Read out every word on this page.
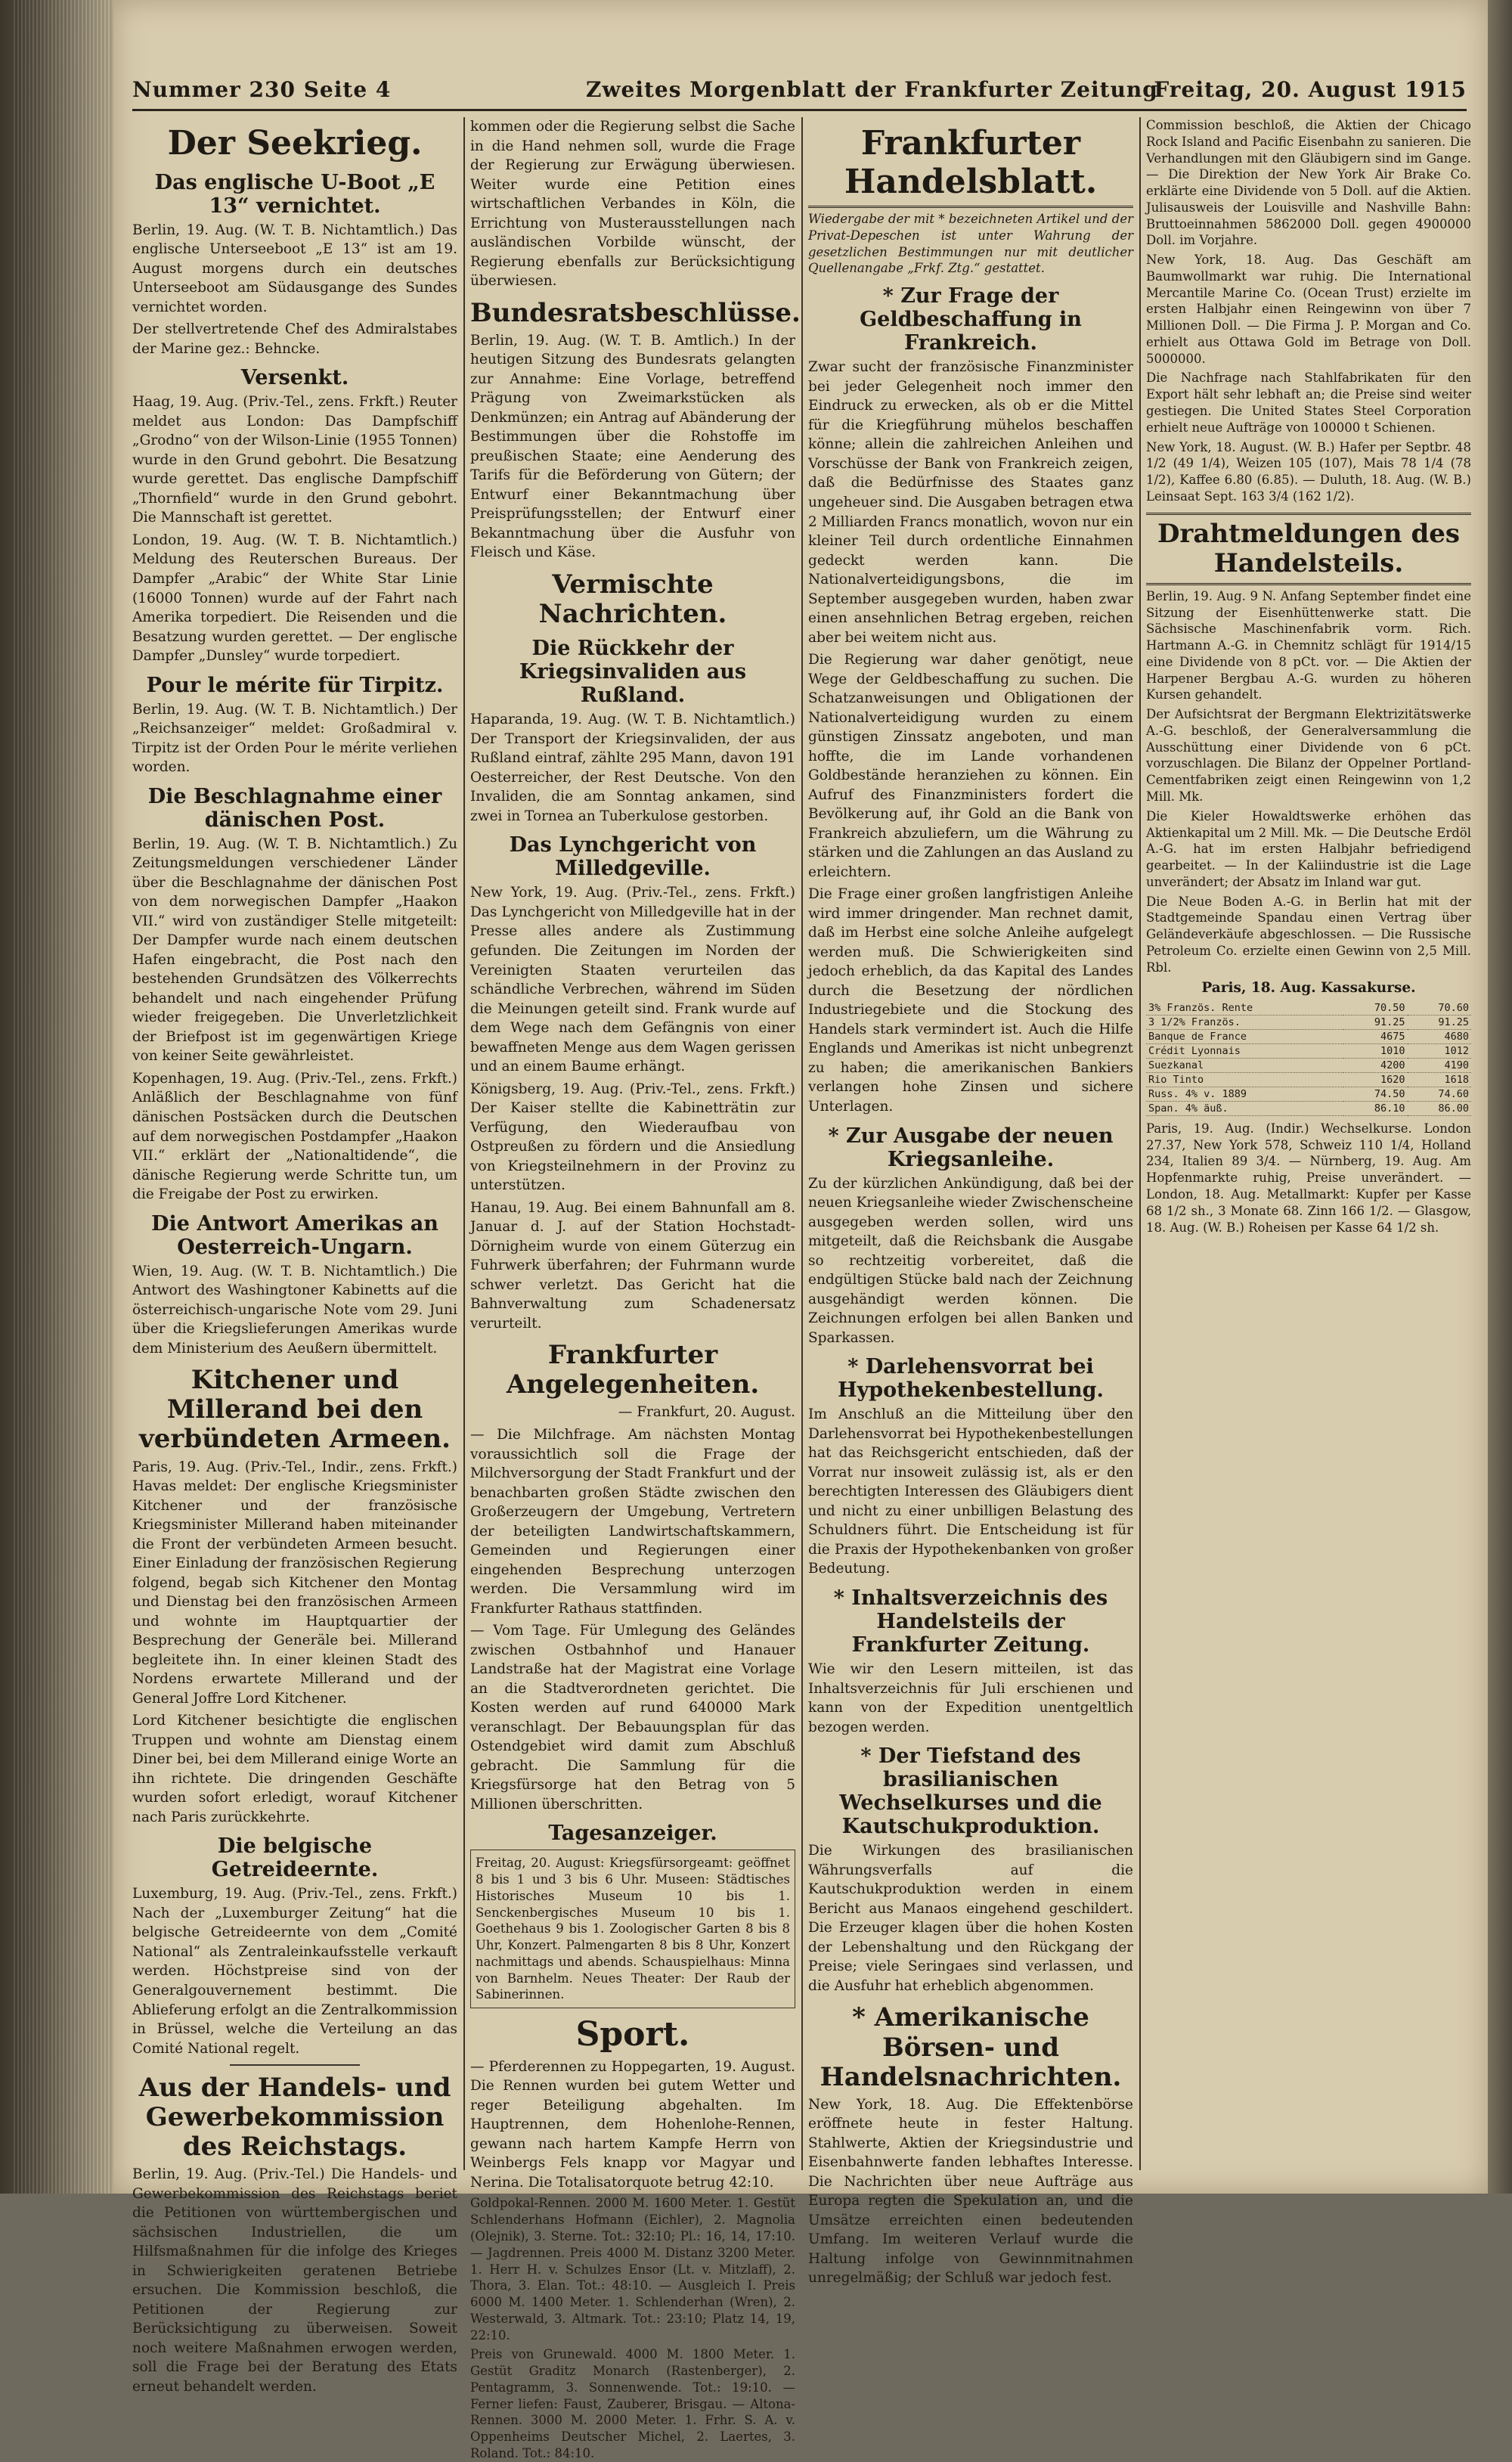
Nummer 230 Seite 4	Zweites Morgenblatt der Frankfurter Zeitung
Freitag, 20. August 1915
Der Seekrieg.
Das englische U-Boot „E 13“ vernichtet.

Berlin, 19. Aug. (W. T. B. Nichtamtlich.) Das englische Unterseeboot „E 13“ ist am 19. August morgens durch ein deutsches Unterseeboot am Südausgange des Sundes vernichtet worden.

Der stellvertretende Chef des Admiralstabes der Marine gez.: Behncke.

Versenkt.

Haag, 19. Aug. (Priv.-Tel., zens. Frkft.) Reuter meldet aus London: Das Dampfschiff „Grodno“ von der Wilson-Linie (1955 Tonnen) wurde in den Grund gebohrt. Die Besatzung wurde gerettet. Das englische Dampfschiff „Thornfield“ wurde in den Grund gebohrt. Die Mannschaft ist gerettet.

London, 19. Aug. (W. T. B. Nichtamtlich.) Meldung des Reuterschen Bureaus. Der Dampfer „Arabic“ der White Star Linie (16000 Tonnen) wurde auf der Fahrt nach Amerika torpediert. Die Reisenden und die Besatzung wurden gerettet. — Der englische Dampfer „Dunsley“ wurde torpediert.

Pour le mérite für Tirpitz.

Berlin, 19. Aug. (W. T. B. Nichtamtlich.) Der „Reichsanzeiger“ meldet: Großadmiral v. Tirpitz ist der Orden Pour le mérite verliehen worden.

Die Beschlagnahme einer dänischen Post.

Berlin, 19. Aug. (W. T. B. Nichtamtlich.) Zu Zeitungsmeldungen verschiedener Länder über die Beschlagnahme der dänischen Post von dem norwegischen Dampfer „Haakon VII.“ wird von zuständiger Stelle mitgeteilt: Der Dampfer wurde nach einem deutschen Hafen eingebracht, die Post nach den bestehenden Grundsätzen des Völkerrechts behandelt und nach eingehender Prüfung wieder freigegeben. Die Unverletzlichkeit der Briefpost ist im gegenwärtigen Kriege von keiner Seite gewährleistet.

Kopenhagen, 19. Aug. (Priv.-Tel., zens. Frkft.) Anläßlich der Beschlagnahme von fünf dänischen Postsäcken durch die Deutschen auf dem norwegischen Postdampfer „Haakon VII.“ erklärt der „Nationaltidende“, die dänische Regierung werde Schritte tun, um die Freigabe der Post zu erwirken.

Die Antwort Amerikas an Oesterreich-Ungarn.

Wien, 19. Aug. (W. T. B. Nichtamtlich.) Die Antwort des Washingtoner Kabinetts auf die österreichisch-ungarische Note vom 29. Juni über die Kriegslieferungen Amerikas wurde dem Ministerium des Aeußern übermittelt.

Kitchener und Millerand bei den verbündeten Armeen.

Paris, 19. Aug. (Priv.-Tel., Indir., zens. Frkft.) Havas meldet: Der englische Kriegsminister Kitchener und der französische Kriegsminister Millerand haben miteinander die Front der verbündeten Armeen besucht. Einer Einladung der französischen Regierung folgend, begab sich Kitchener den Montag und Dienstag bei den französischen Armeen und wohnte im Hauptquartier der Besprechung der Generäle bei. Millerand begleitete ihn. In einer kleinen Stadt des Nordens erwartete Millerand und der General Joffre Lord Kitchener.

Lord Kitchener besichtigte die englischen Truppen und wohnte am Dienstag einem Diner bei, bei dem Millerand einige Worte an ihn richtete. Die dringenden Geschäfte wurden sofort erledigt, worauf Kitchener nach Paris zurückkehrte.

Die belgische Getreideernte.

Luxemburg, 19. Aug. (Priv.-Tel., zens. Frkft.) Nach der „Luxemburger Zeitung“ hat die belgische Getreideernte von dem „Comité National“ als Zentraleinkaufsstelle verkauft werden. Höchstpreise sind von der Generalgouvernement bestimmt. Die Ablieferung erfolgt an die Zentralkommission in Brüssel, welche die Verteilung an das Comité National regelt.

Aus der Handels- und Gewerbekommission des Reichstags.

Berlin, 19. Aug. (Priv.-Tel.) Die Handels- und Gewerbekommission des Reichstags beriet die Petitionen von württembergischen und sächsischen Industriellen, die um Hilfsmaßnahmen für die infolge des Krieges in Schwierigkeiten geratenen Betriebe ersuchen. Die Kommission beschloß, die Petitionen der Regierung zur Berücksichtigung zu überweisen. Soweit noch weitere Maßnahmen erwogen werden, soll die Frage bei der Beratung des Etats erneut behandelt werden.

kommen oder die Regierung selbst die Sache in die Hand nehmen soll, wurde die Frage der Regierung zur Erwägung überwiesen. Weiter wurde eine Petition eines wirtschaftlichen Verbandes in Köln, die Errichtung von Musterausstellungen nach ausländischen Vorbilde wünscht, der Regierung ebenfalls zur Berücksichtigung überwiesen.

Bundesratsbeschlüsse.

Berlin, 19. Aug. (W. T. B. Amtlich.) In der heutigen Sitzung des Bundesrats gelangten zur Annahme: Eine Vorlage, betreffend Prägung von Zweimarkstücken als Denkmünzen; ein Antrag auf Abänderung der Bestimmungen über die Rohstoffe im preußischen Staate; eine Aenderung des Tarifs für die Beförderung von Gütern; der Entwurf einer Bekanntmachung über Preisprüfungsstellen; der Entwurf einer Bekanntmachung über die Ausfuhr von Fleisch und Käse.

Vermischte Nachrichten.
Die Rückkehr der Kriegsinvaliden aus Rußland.

Haparanda, 19. Aug. (W. T. B. Nichtamtlich.) Der Transport der Kriegsinvaliden, der aus Rußland eintraf, zählte 295 Mann, davon 191 Oesterreicher, der Rest Deutsche. Von den Invaliden, die am Sonntag ankamen, sind zwei in Tornea an Tuberkulose gestorben.

Das Lynchgericht von Milledgeville.

New York, 19. Aug. (Priv.-Tel., zens. Frkft.) Das Lynchgericht von Milledgeville hat in der Presse alles andere als Zustimmung gefunden. Die Zeitungen im Norden der Vereinigten Staaten verurteilen das schändliche Verbrechen, während im Süden die Meinungen geteilt sind. Frank wurde auf dem Wege nach dem Gefängnis von einer bewaffneten Menge aus dem Wagen gerissen und an einem Baume erhängt.

Königsberg, 19. Aug. (Priv.-Tel., zens. Frkft.) Der Kaiser stellte die Kabinetträtin zur Verfügung, den Wiederaufbau von Ostpreußen zu fördern und die Ansiedlung von Kriegsteilnehmern in der Provinz zu unterstützen.

Hanau, 19. Aug. Bei einem Bahnunfall am 8. Januar d. J. auf der Station Hochstadt-Dörnigheim wurde von einem Güterzug ein Fuhrwerk überfahren; der Fuhrmann wurde schwer verletzt. Das Gericht hat die Bahnverwaltung zum Schadenersatz verurteilt.

Frankfurter Angelegenheiten.

— Frankfurt, 20. August.

— Die Milchfrage. Am nächsten Montag voraussichtlich soll die Frage der Milchversorgung der Stadt Frankfurt und der benachbarten großen Städte zwischen den Großerzeugern der Umgebung, Vertretern der beteiligten Landwirtschaftskammern, Gemeinden und Regierungen einer eingehenden Besprechung unterzogen werden. Die Versammlung wird im Frankfurter Rathaus stattfinden.

— Vom Tage. Für Umlegung des Geländes zwischen Ostbahnhof und Hanauer Landstraße hat der Magistrat eine Vorlage an die Stadtverordneten gerichtet. Die Kosten werden auf rund 640000 Mark veranschlagt. Der Bebauungsplan für das Ostendgebiet wird damit zum Abschluß gebracht. Die Sammlung für die Kriegsfürsorge hat den Betrag von 5 Millionen überschritten.

Tagesanzeiger.

Freitag, 20. August: Kriegsfürsorgeamt: geöffnet 8 bis 1 und 3 bis 6 Uhr. Museen: Städtisches Historisches Museum 10 bis 1. Senckenbergisches Museum 10 bis 1. Goethehaus 9 bis 1. Zoologischer Garten 8 bis 8 Uhr, Konzert. Palmengarten 8 bis 8 Uhr, Konzert nachmittags und abends. Schauspielhaus: Minna von Barnhelm. Neues Theater: Der Raub der Sabinerinnen.

Sport.

— Pferderennen zu Hoppegarten, 19. August. Die Rennen wurden bei gutem Wetter und reger Beteiligung abgehalten. Im Hauptrennen, dem Hohenlohe-Rennen, gewann nach hartem Kampfe Herrn von Weinbergs Fels knapp vor Magyar und Nerina. Die Totalisatorquote betrug 42:10.

Goldpokal-Rennen. 2000 M. 1600 Meter. 1. Gestüt Schlenderhans Hofmann (Eichler), 2. Magnolia (Olejnik), 3. Sterne. Tot.: 32:10; Pl.: 16, 14, 17:10. — Jagdrennen. Preis 4000 M. Distanz 3200 Meter. 1. Herr H. v. Schulzes Ensor (Lt. v. Mitzlaff), 2. Thora, 3. Elan. Tot.: 48:10. — Ausgleich I. Preis 6000 M. 1400 Meter. 1. Schlenderhan (Wren), 2. Westerwald, 3. Altmark. Tot.: 23:10; Platz 14, 19, 22:10.

Preis von Grunewald. 4000 M. 1800 Meter. 1. Gestüt Graditz Monarch (Rastenberger), 2. Pentagramm, 3. Sonnenwende. Tot.: 19:10. — Ferner liefen: Faust, Zauberer, Brisgau. — Altona-Rennen. 3000 M. 2000 Meter. 1. Frhr. S. A. v. Oppenheims Deutscher Michel, 2. Laertes, 3. Roland. Tot.: 84:10.

Frankfurter Handelsblatt.

Wiedergabe der mit * bezeichneten Artikel und der Privat-Depeschen ist unter Wahrung der gesetzlichen Bestimmungen nur mit deutlicher Quellenangabe „Frkf. Ztg.“ gestattet.

* Zur Frage der Geldbeschaffung in Frankreich.

Zwar sucht der französische Finanzminister bei jeder Gelegenheit noch immer den Eindruck zu erwecken, als ob er die Mittel für die Kriegführung mühelos beschaffen könne; allein die zahlreichen Anleihen und Vorschüsse der Bank von Frankreich zeigen, daß die Bedürfnisse des Staates ganz ungeheuer sind. Die Ausgaben betragen etwa 2 Milliarden Francs monatlich, wovon nur ein kleiner Teil durch ordentliche Einnahmen gedeckt werden kann. Die Nationalverteidigungsbons, die im September ausgegeben wurden, haben zwar einen ansehnlichen Betrag ergeben, reichen aber bei weitem nicht aus.

Die Regierung war daher genötigt, neue Wege der Geldbeschaffung zu suchen. Die Schatzanweisungen und Obligationen der Nationalverteidigung wurden zu einem günstigen Zinssatz angeboten, und man hoffte, die im Lande vorhandenen Goldbestände heranziehen zu können. Ein Aufruf des Finanzministers fordert die Bevölkerung auf, ihr Gold an die Bank von Frankreich abzuliefern, um die Währung zu stärken und die Zahlungen an das Ausland zu erleichtern.

Die Frage einer großen langfristigen Anleihe wird immer dringender. Man rechnet damit, daß im Herbst eine solche Anleihe aufgelegt werden muß. Die Schwierigkeiten sind jedoch erheblich, da das Kapital des Landes durch die Besetzung der nördlichen Industriegebiete und die Stockung des Handels stark vermindert ist. Auch die Hilfe Englands und Amerikas ist nicht unbegrenzt zu haben; die amerikanischen Bankiers verlangen hohe Zinsen und sichere Unterlagen.

* Zur Ausgabe der neuen Kriegsanleihe.

Zu der kürzlichen Ankündigung, daß bei der neuen Kriegsanleihe wieder Zwischenscheine ausgegeben werden sollen, wird uns mitgeteilt, daß die Reichsbank die Ausgabe so rechtzeitig vorbereitet, daß die endgültigen Stücke bald nach der Zeichnung ausgehändigt werden können. Die Zeichnungen erfolgen bei allen Banken und Sparkassen.

* Darlehensvorrat bei Hypothekenbestellung.

Im Anschluß an die Mitteilung über den Darlehensvorrat bei Hypothekenbestellungen hat das Reichsgericht entschieden, daß der Vorrat nur insoweit zulässig ist, als er den berechtigten Interessen des Gläubigers dient und nicht zu einer unbilligen Belastung des Schuldners führt. Die Entscheidung ist für die Praxis der Hypothekenbanken von großer Bedeutung.

* Inhaltsverzeichnis des Handelsteils der Frankfurter Zeitung.

Wie wir den Lesern mitteilen, ist das Inhaltsverzeichnis für Juli erschienen und kann von der Expedition unentgeltlich bezogen werden.

* Der Tiefstand des brasilianischen Wechselkurses und die Kautschukproduktion.

Die Wirkungen des brasilianischen Währungsverfalls auf die Kautschukproduktion werden in einem Bericht aus Manaos eingehend geschildert. Die Erzeuger klagen über die hohen Kosten der Lebenshaltung und den Rückgang der Preise; viele Seringaes sind verlassen, und die Ausfuhr hat erheblich abgenommen.

* Amerikanische Börsen- und Handelsnachrichten.

New York, 18. Aug. Die Effektenbörse eröffnete heute in fester Haltung. Stahlwerte, Aktien der Kriegsindustrie und Eisenbahnwerte fanden lebhaftes Interesse. Die Nachrichten über neue Aufträge aus Europa regten die Spekulation an, und die Umsätze erreichten einen bedeutenden Umfang. Im weiteren Verlauf wurde die Haltung infolge von Gewinnmitnahmen unregelmäßig; der Schluß war jedoch fest.

Commission beschloß, die Aktien der Chicago Rock Island and Pacific Eisenbahn zu sanieren. Die Verhandlungen mit den Gläubigern sind im Gange. — Die Direktion der New York Air Brake Co. erklärte eine Dividende von 5 Doll. auf die Aktien. Julisausweis der Louisville and Nashville Bahn: Bruttoeinnahmen 5862000 Doll. gegen 4900000 Doll. im Vorjahre.

New York, 18. Aug. Das Geschäft am Baumwollmarkt war ruhig. Die International Mercantile Marine Co. (Ocean Trust) erzielte im ersten Halbjahr einen Reingewinn von über 7 Millionen Doll. — Die Firma J. P. Morgan and Co. erhielt aus Ottawa Gold im Betrage von Doll. 5000000.

Die Nachfrage nach Stahlfabrikaten für den Export hält sehr lebhaft an; die Preise sind weiter gestiegen. Die United States Steel Corporation erhielt neue Aufträge von 100000 t Schienen.

New York, 18. August. (W. B.) Hafer per Septbr. 48 1/2 (49 1/4), Weizen 105 (107), Mais 78 1/4 (78 1/2), Kaffee 6.80 (6.85). — Duluth, 18. Aug. (W. B.) Leinsaat Sept. 163 3/4 (162 1/2).

Drahtmeldungen des Handelsteils.

Berlin, 19. Aug. 9 N. Anfang September findet eine Sitzung der Eisenhüttenwerke statt. Die Sächsische Maschinenfabrik vorm. Rich. Hartmann A.-G. in Chemnitz schlägt für 1914/15 eine Dividende von 8 pCt. vor. — Die Aktien der Harpener Bergbau A.-G. wurden zu höheren Kursen gehandelt.

Der Aufsichtsrat der Bergmann Elektrizitätswerke A.-G. beschloß, der Generalversammlung die Ausschüttung einer Dividende von 6 pCt. vorzuschlagen. Die Bilanz der Oppelner Portland-Cementfabriken zeigt einen Reingewinn von 1,2 Mill. Mk.

Die Kieler Howaldtswerke erhöhen das Aktienkapital um 2 Mill. Mk. — Die Deutsche Erdöl A.-G. hat im ersten Halbjahr befriedigend gearbeitet. — In der Kaliindustrie ist die Lage unverändert; der Absatz im Inland war gut.

Die Neue Boden A.-G. in Berlin hat mit der Stadtgemeinde Spandau einen Vertrag über Geländeverkäufe abgeschlossen. — Die Russische Petroleum Co. erzielte einen Gewinn von 2,5 Mill. Rbl.

Paris, 18. Aug. Kassakurse.

3% Französ. Rente	70.50	70.60
3 1/2% Französ.	91.25	91.25
Banque de France	4675	4680
Crédit Lyonnais	1010	1012
Suezkanal	4200	4190
Rio Tinto	1620	1618
Russ. 4% v. 1889	74.50	74.60
Span. 4% äuß.	86.10	86.00

Paris, 19. Aug. (Indir.) Wechselkurse. London 27.37, New York 578, Schweiz 110 1/4, Holland 234, Italien 89 3/4. — Nürnberg, 19. Aug. Am Hopfenmarkte ruhig, Preise unverändert. — London, 18. Aug. Metallmarkt: Kupfer per Kasse 68 1/2 sh., 3 Monate 68. Zinn 166 1/2. — Glasgow, 18. Aug. (W. B.) Roheisen per Kasse 64 1/2 sh.
